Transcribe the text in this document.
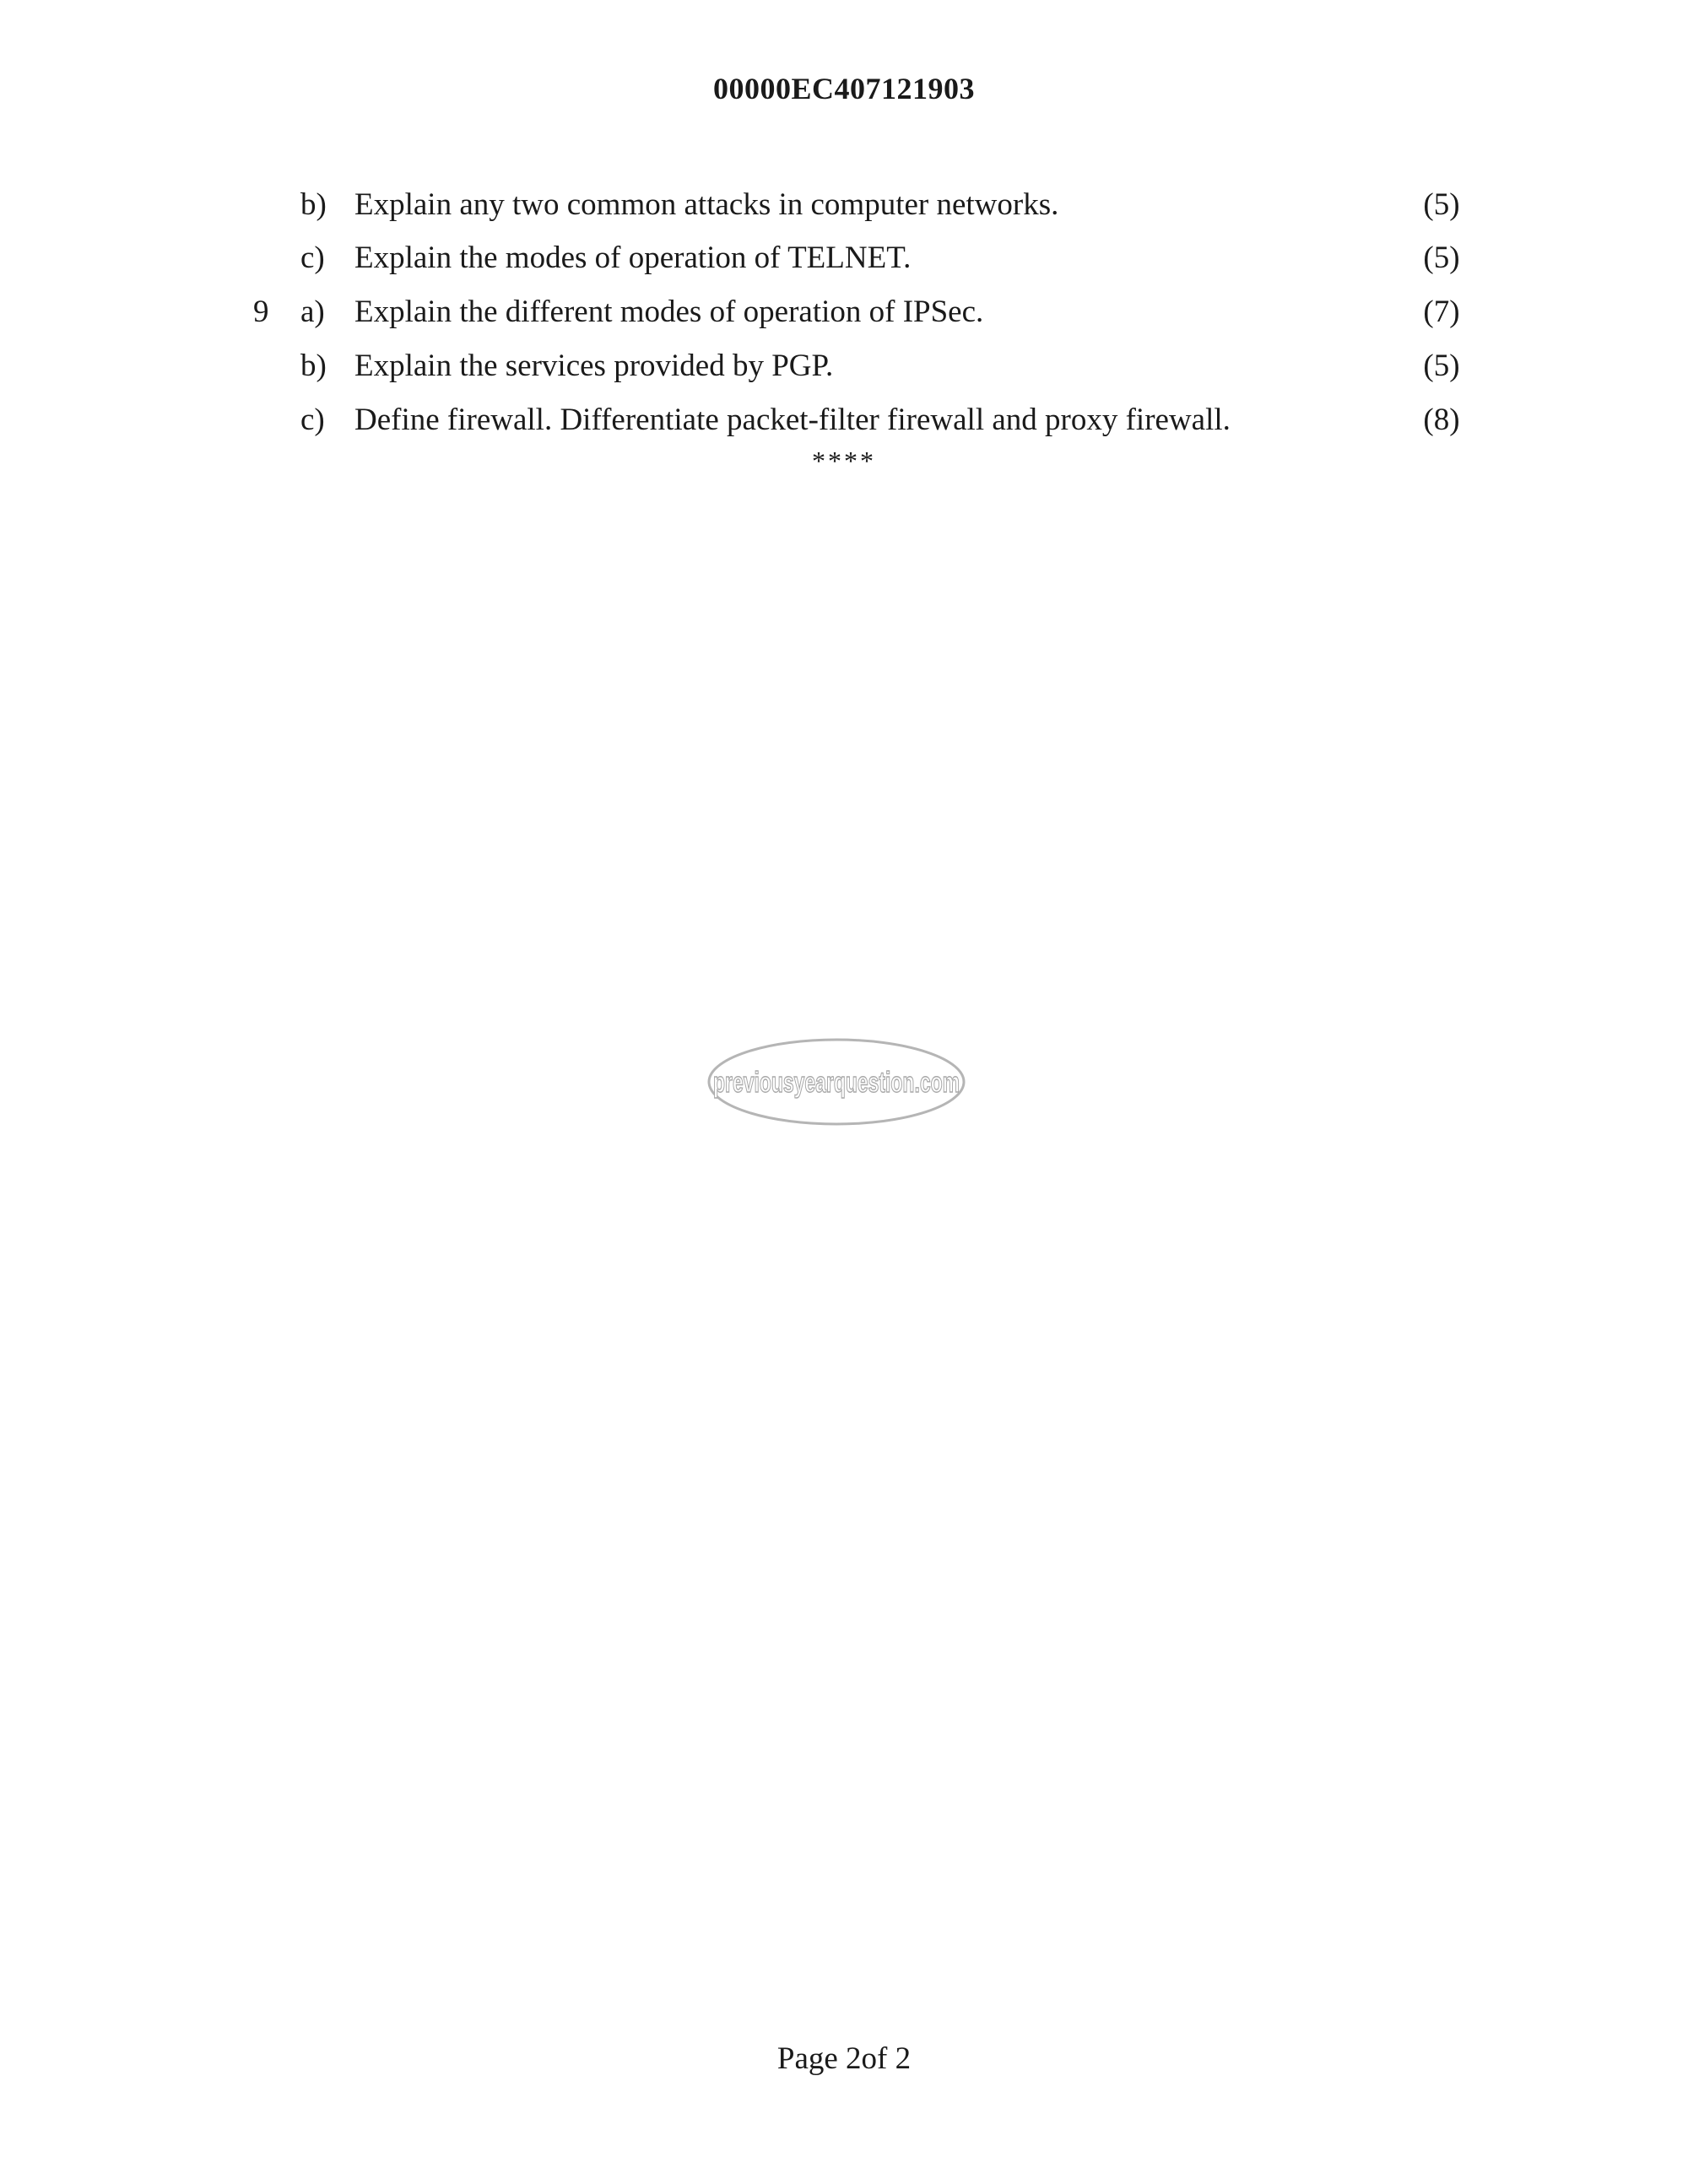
00000EC407121903
b) Explain any two common attacks in computer networks.	(5)
c) Explain the modes of operation of TELNET.	(5)
9	a) Explain the different modes of operation of IPSec.	(7)
b) Explain the services provided by PGP.	(5)
c) Define firewall. Differentiate packet-filter firewall and proxy firewall.	(8)
****
previousyearquestion.com
Page 2of 2
